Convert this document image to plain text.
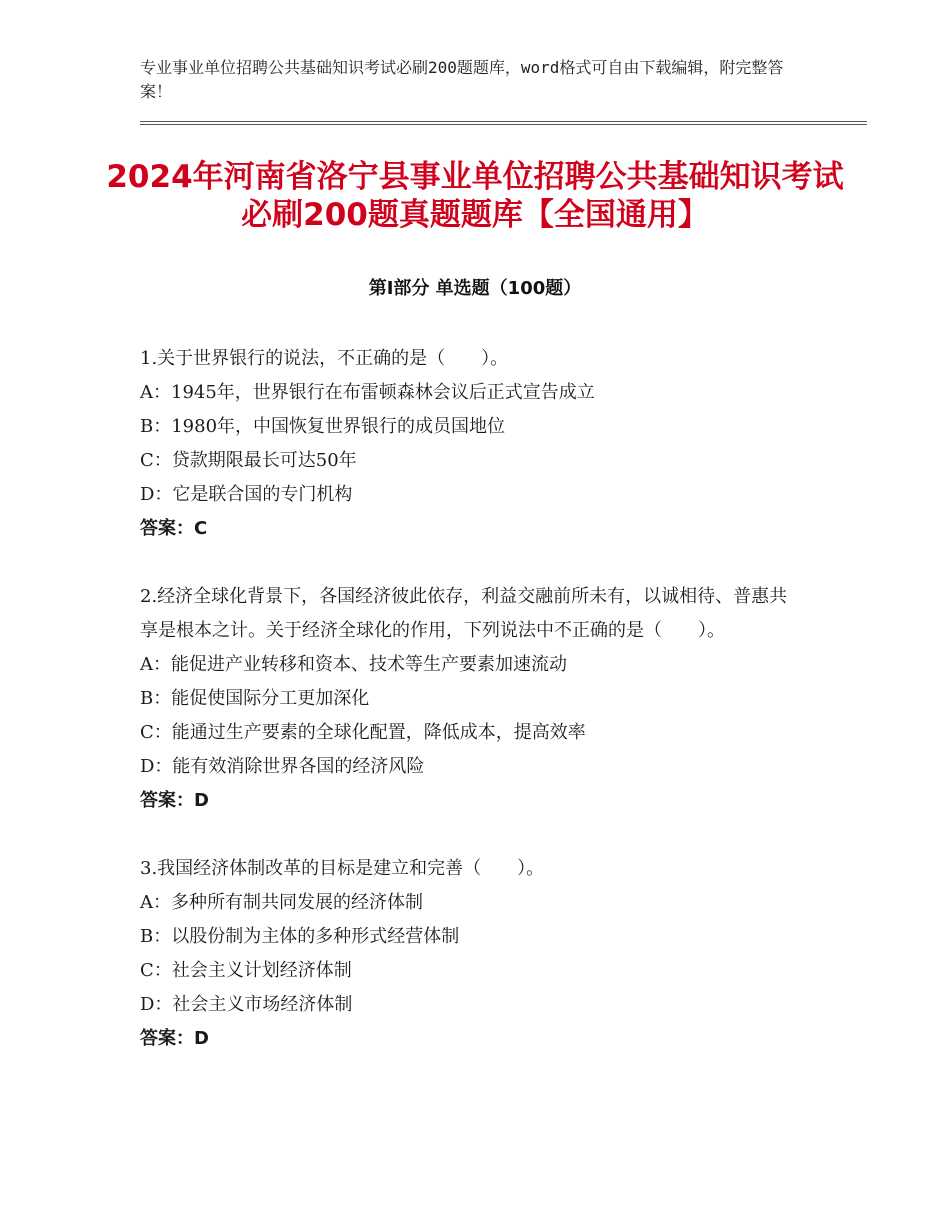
专业事业单位招聘公共基础知识考试必刷200题题库，word格式可自由下载编辑，附完整答案！
2024年河南省洛宁县事业单位招聘公共基础知识考试必刷200题真题题库【全国通用】
第Ⅰ部分 单选题（100题）
1.关于世界银行的说法，不正确的是（　　）。
A：1945年，世界银行在布雷顿森林会议后正式宣告成立
B：1980年，中国恢复世界银行的成员国地位
C：贷款期限最长可达50年
D：它是联合国的专门机构
答案：C
2.经济全球化背景下，各国经济彼此依存，利益交融前所未有，以诚相待、普惠共享是根本之计。关于经济全球化的作用，下列说法中不正确的是（　　）。
A：能促进产业转移和资本、技术等生产要素加速流动
B：能促使国际分工更加深化
C：能通过生产要素的全球化配置，降低成本，提高效率
D：能有效消除世界各国的经济风险
答案：D
3.我国经济体制改革的目标是建立和完善（　　）。
A：多种所有制共同发展的经济体制
B：以股份制为主体的多种形式经营体制
C：社会主义计划经济体制
D：社会主义市场经济体制
答案：D
